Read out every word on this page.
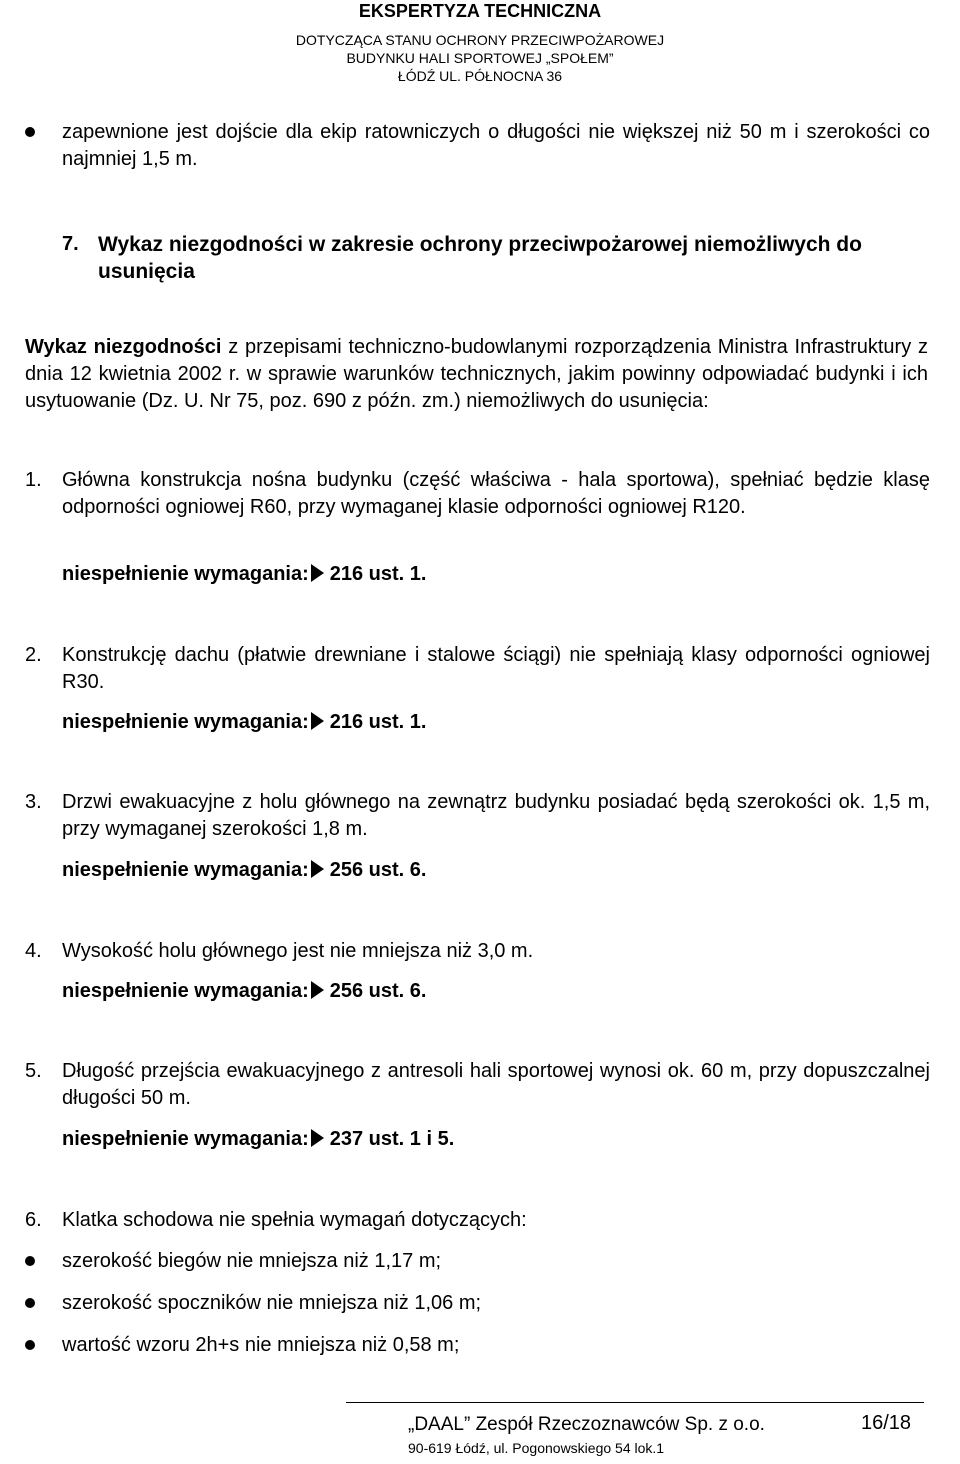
EKSPERTYZA TECHNICZNA
DOTYCZĄCA STANU OCHRONY PRZECIWPOŻAROWEJ
BUDYNKU HALI SPORTOWEJ „SPOŁEM”
ŁÓDŹ UL. PÓŁNOCNA 36
zapewnione jest dojście dla ekip ratowniczych o długości nie większej niż 50 m i szerokości co najmniej 1,5 m.
7. Wykaz niezgodności w zakresie ochrony przeciwpożarowej niemożliwych do usunięcia
Wykaz niezgodności z przepisami techniczno-budowlanymi rozporządzenia Ministra Infrastruktury z dnia 12 kwietnia 2002 r. w sprawie warunków technicznych, jakim powinny odpowiadać budynki i ich usytuowanie (Dz. U. Nr 75, poz. 690 z późn. zm.) niemożliwych do usunięcia:
1. Główna konstrukcja nośna budynku (część właściwa - hala sportowa), spełniać będzie klasę odporności ogniowej R60, przy wymaganej klasie odporności ogniowej R120.
niespełnienie wymagania: 216 ust. 1.
2. Konstrukcję dachu (płatwie drewniane i stalowe ściągi) nie spełniają klasy odporności ogniowej R30.
niespełnienie wymagania: 216 ust. 1.
3. Drzwi ewakuacyjne z holu głównego na zewnątrz budynku posiadać będą szerokości ok. 1,5 m, przy wymaganej szerokości 1,8 m.
niespełnienie wymagania: 256 ust. 6.
4. Wysokość holu głównego jest nie mniejsza niż 3,0 m.
niespełnienie wymagania: 256 ust. 6.
5. Długość przejścia ewakuacyjnego z antresoli hali sportowej wynosi ok. 60 m, przy dopuszczalnej długości 50 m.
niespełnienie wymagania: 237 ust. 1 i 5.
6. Klatka schodowa nie spełnia wymagań dotyczących:
szerokość biegów nie mniejsza niż 1,17 m;
szerokość spoczników nie mniejsza niż 1,06 m;
wartość wzoru 2h+s nie mniejsza niż 0,58 m;
„DAAL” Zespół Rzeczoznawców Sp. z o.o.	16/18
90-619 Łódź, ul. Pogonowskiego 54 lok.1
